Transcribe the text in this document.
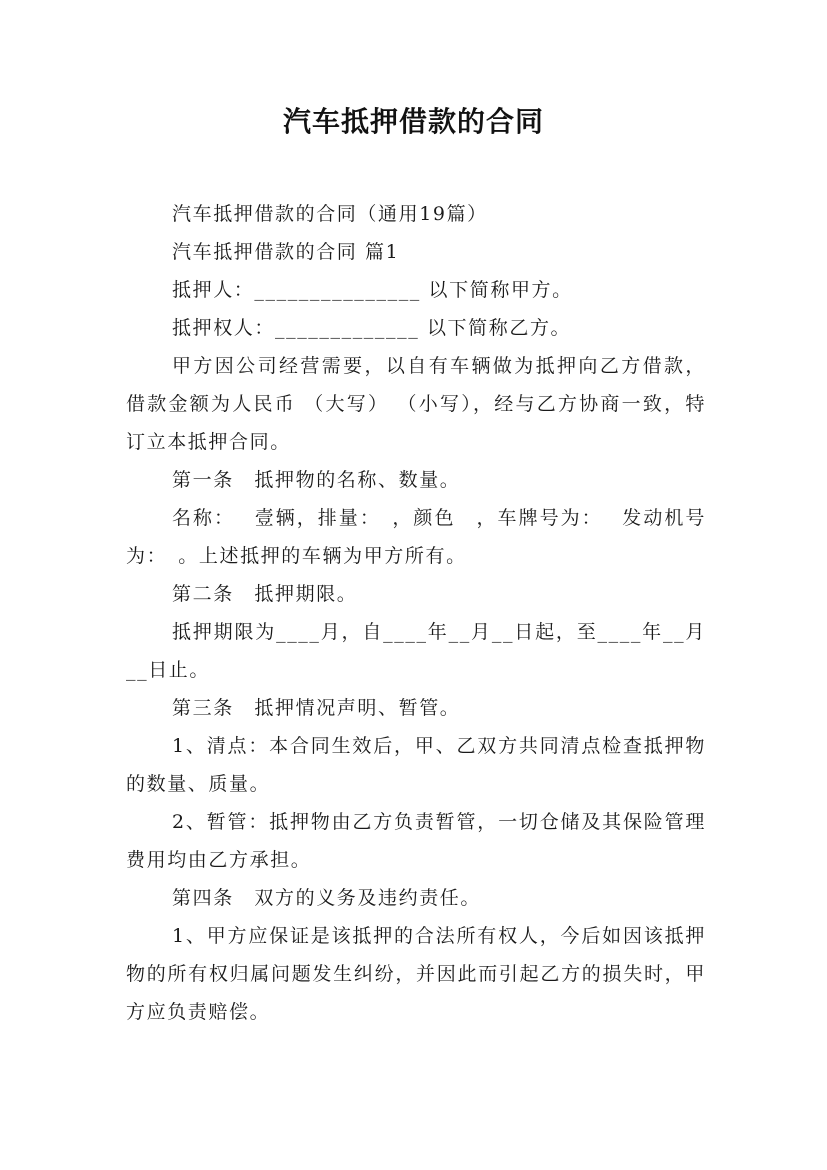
汽车抵押借款的合同

汽车抵押借款的合同（通用19篇）

汽车抵押借款的合同 篇1

抵押人：_______________ 以下简称甲方。

抵押权人：_____________ 以下简称乙方。

甲方因公司经营需要，以自有车辆做为抵押向乙方借款，借款金额为人民币 （大写） （小写），经与乙方协商一致，特订立本抵押合同。

第一条　抵押物的名称、数量。

名称：　 壹辆，排量：　，颜色　，车牌号为：　 发动机号为：　。上述抵押的车辆为甲方所有。

第二条　抵押期限。

抵押期限为____月，自____年__月__日起，至____年__月__日止。

第三条　抵押情况声明、暂管。

1、清点：本合同生效后，甲、乙双方共同清点检查抵押物的数量、质量。

2、暂管：抵押物由乙方负责暂管，一切仓储及其保险管理费用均由乙方承担。

第四条　双方的义务及违约责任。

1、甲方应保证是该抵押的合法所有权人，今后如因该抵押物的所有权归属问题发生纠纷，并因此而引起乙方的损失时，甲方应负责赔偿。
